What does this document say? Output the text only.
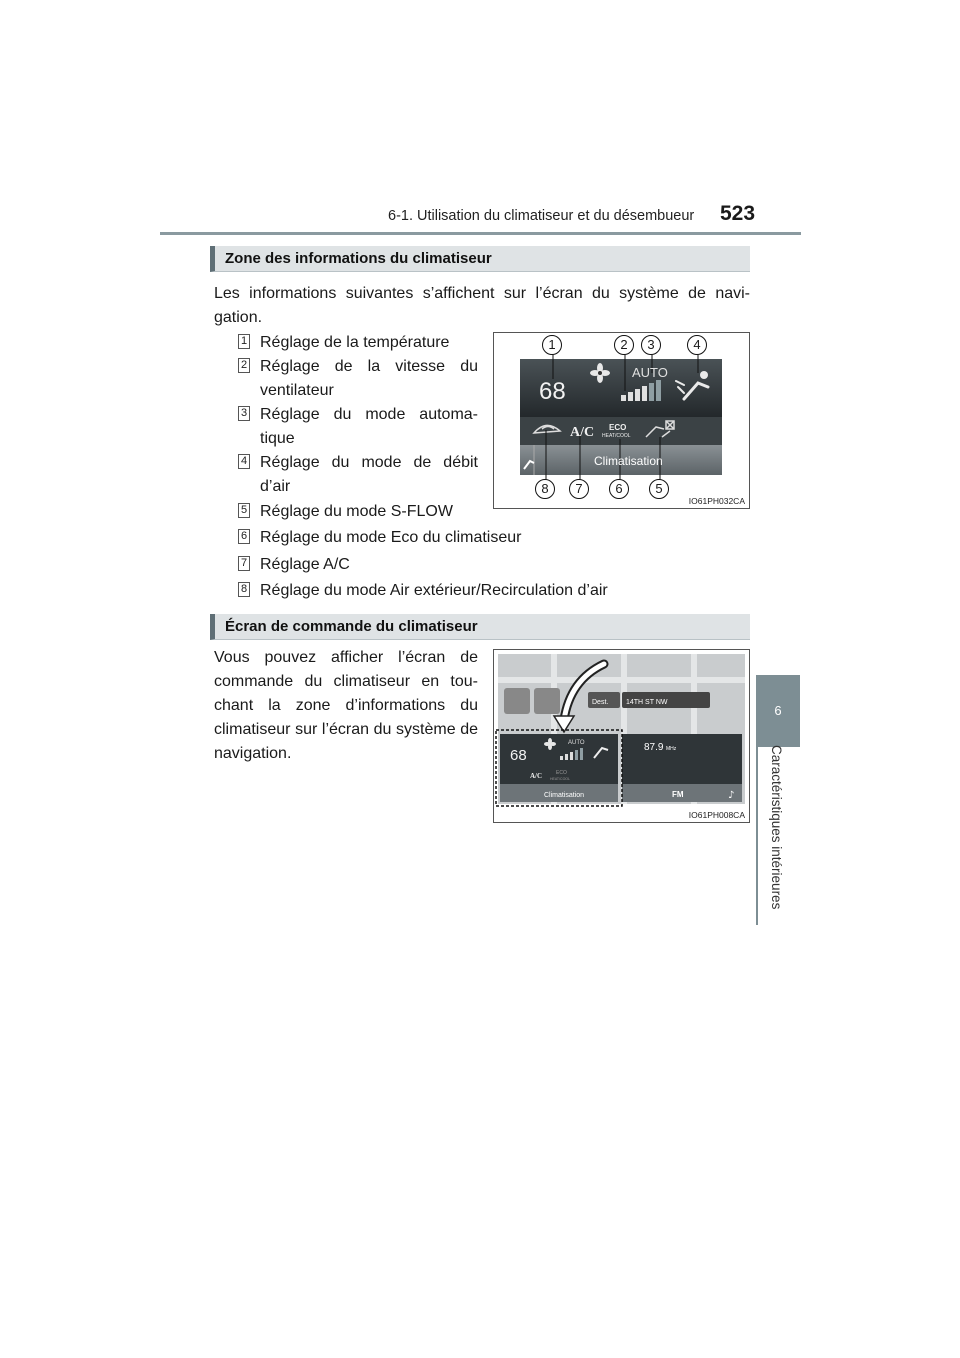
6-1. Utilisation du climatiseur et du désembueur 523
6
Caractéristiques intérieures
Zone des informations du climatiseur
Les informations suivantes s’affichent sur l’écran du système de navi-gation.
1 Réglage de la température
2 Réglage de la vitesse du ventilateur
3 Réglage du mode automa-tique
4 Réglage du mode de débit d’air
5 Réglage du mode S-FLOW
6 Réglage du mode Eco du climatiseur
7 Réglage A/C
8 Réglage du mode Air extérieur/Recirculation d’air
68
AUTO
A/C ECO
HEAT/COOL
Climatisation
1	2	3	4
8	7	6	5
IO61PH032CA
Écran de commande du climatiseur
Vous pouvez afficher l’écran de commande du climatiseur en tou-chant la zone d’informations du climatiseur sur l’écran du système de navigation.
Dest.	14TH ST NW
68
AUTO
A/C	ECO
HEAT/COOL
Climatisation
87.9 MHz
FM	♪
IO61PH008CA
